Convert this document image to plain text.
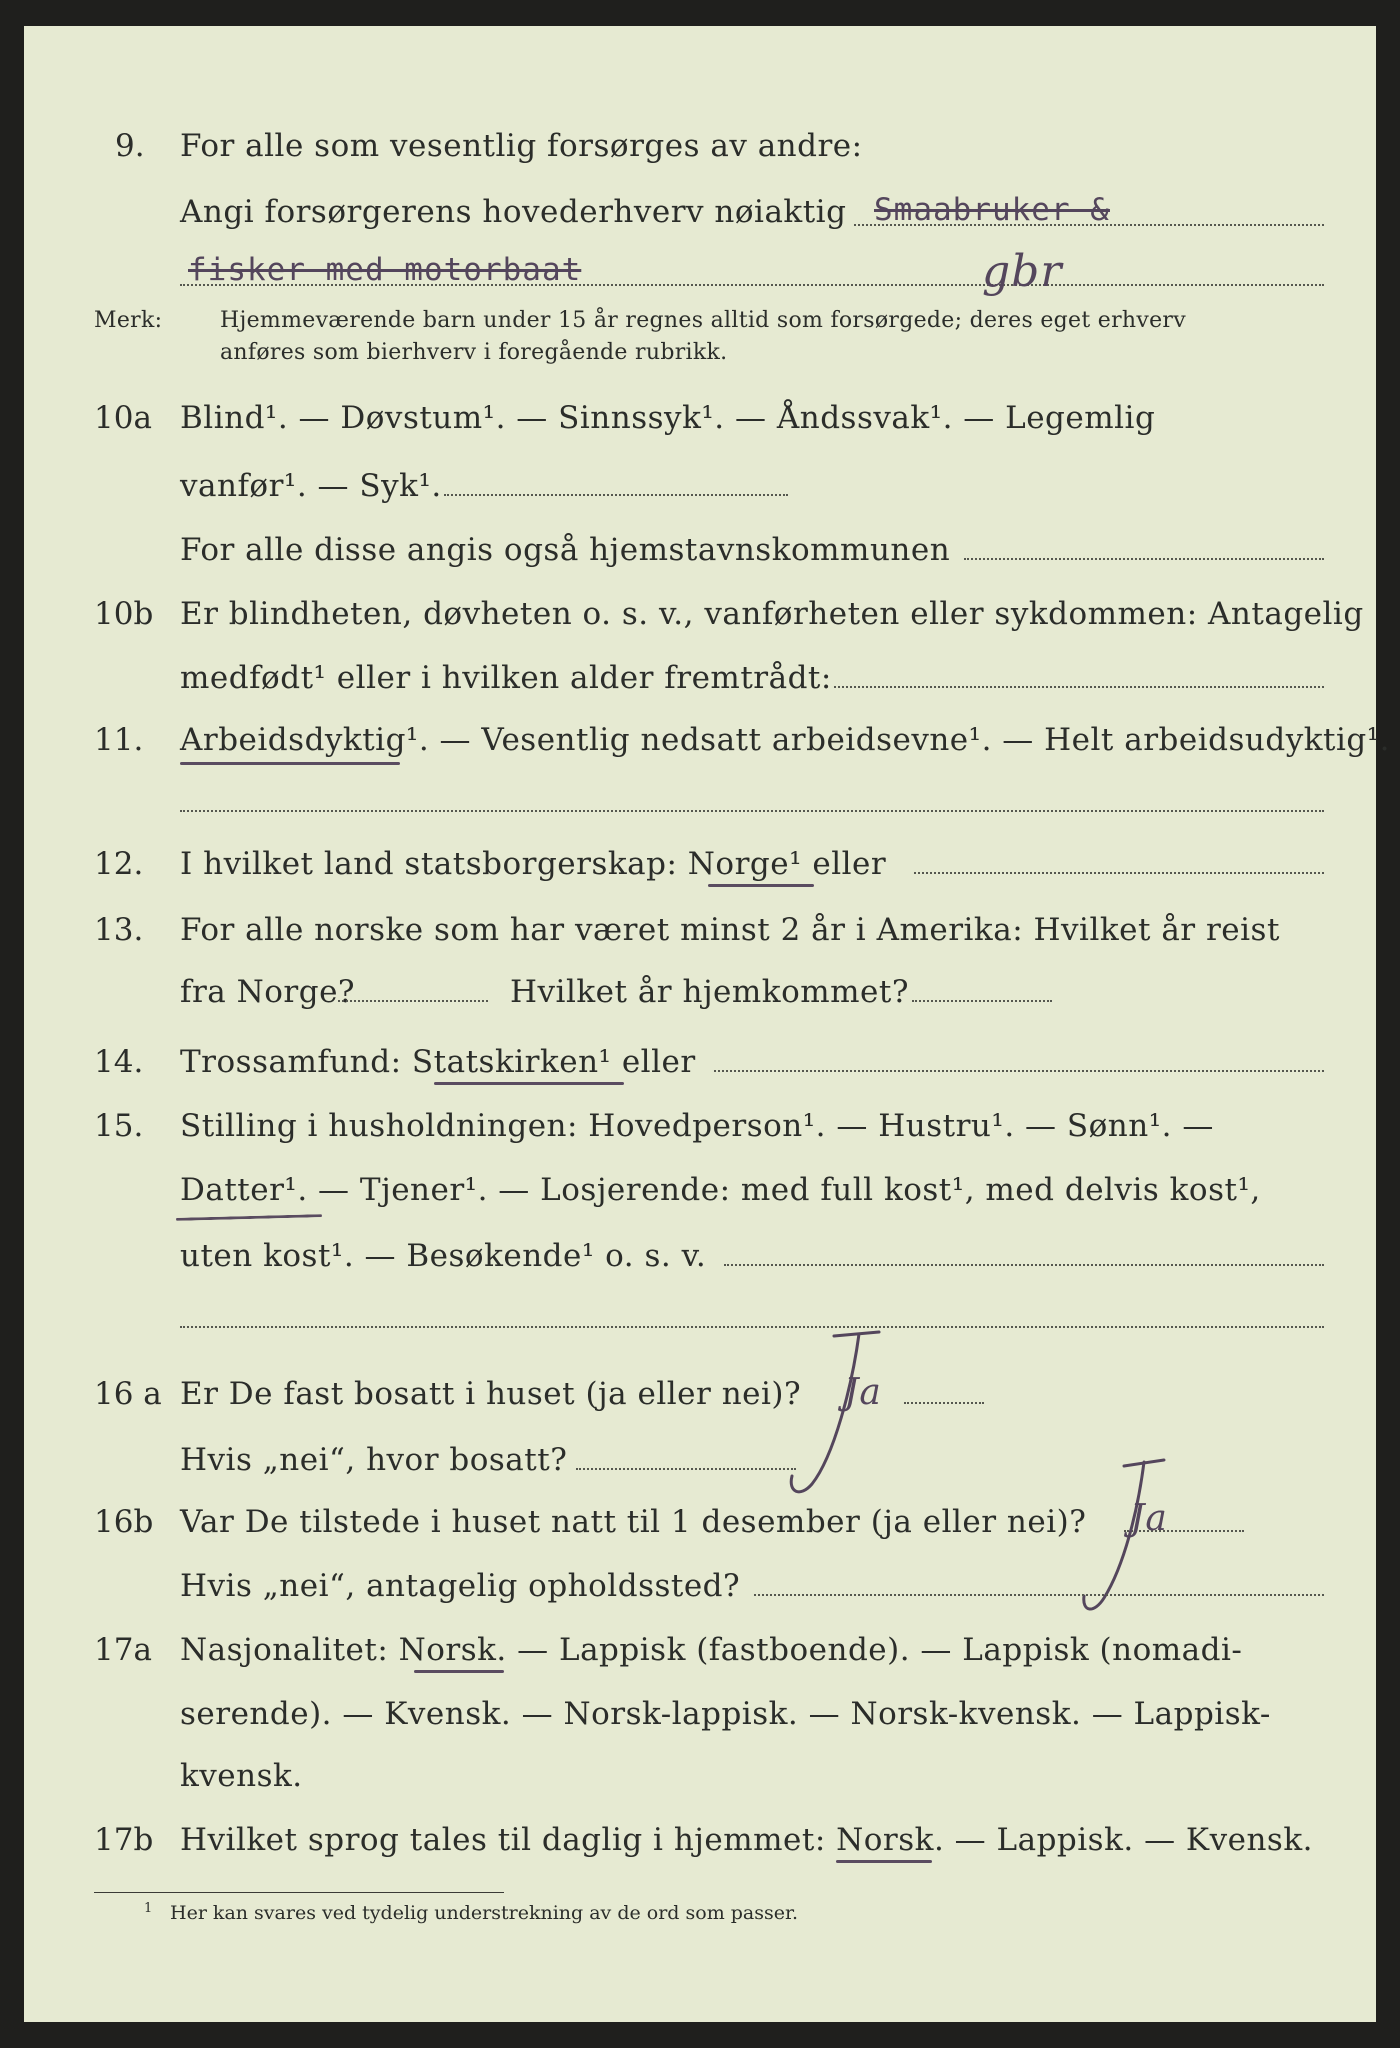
9. For alle som vesentlig forsørges av andre:
Angi forsørgerens hovederhverv nøiaktig Smaabruker &
fisker med motorbaat	gbr
Merk:	Hjemmeværende barn under 15 år regnes alltid som forsørgede; deres eget erhverv
anføres som bierhverv i foregående rubrikk.
10a Blind¹. — Døvstum¹. — Sinnssyk¹. — Åndssvak¹. — Legemlig
vanfør¹. — Syk¹.
For alle disse angis også hjemstavnskommunen
10b Er blindheten, døvheten o. s. v., vanførheten eller sykdommen: Antagelig
medfødt¹ eller i hvilken alder fremtrådt:
11. Arbeidsdyktig¹. — Vesentlig nedsatt arbeidsevne¹. — Helt arbeidsudyktig¹.
12. I hvilket land statsborgerskap: Norge¹ eller
13. For alle norske som har været minst 2 år i Amerika: Hvilket år reist
fra Norge?	Hvilket år hjemkommet?
14. Trossamfund: Statskirken¹ eller
15. Stilling i husholdningen: Hovedperson¹. — Hustru¹. — Sønn¹. —
Datter¹. — Tjener¹. — Losjerende: med full kost¹, med delvis kost¹,
uten kost¹. — Besøkende¹ o. s. v.
16 a Er De fast bosatt i huset (ja eller nei)? Ja
Hvis „nei“, hvor bosatt?
16b Var De tilstede i huset natt til 1 desember (ja eller nei)? Ja
Hvis „nei“, antagelig opholdssted?
17a Nasjonalitet: Norsk. — Lappisk (fastboende). — Lappisk (nomadi-
serende). — Kvensk. — Norsk-lappisk. — Norsk-kvensk. — Lappisk-
kvensk.
17b Hvilket sprog tales til daglig i hjemmet: Norsk. — Lappisk. — Kvensk.
1 Her kan svares ved tydelig understrekning av de ord som passer.
